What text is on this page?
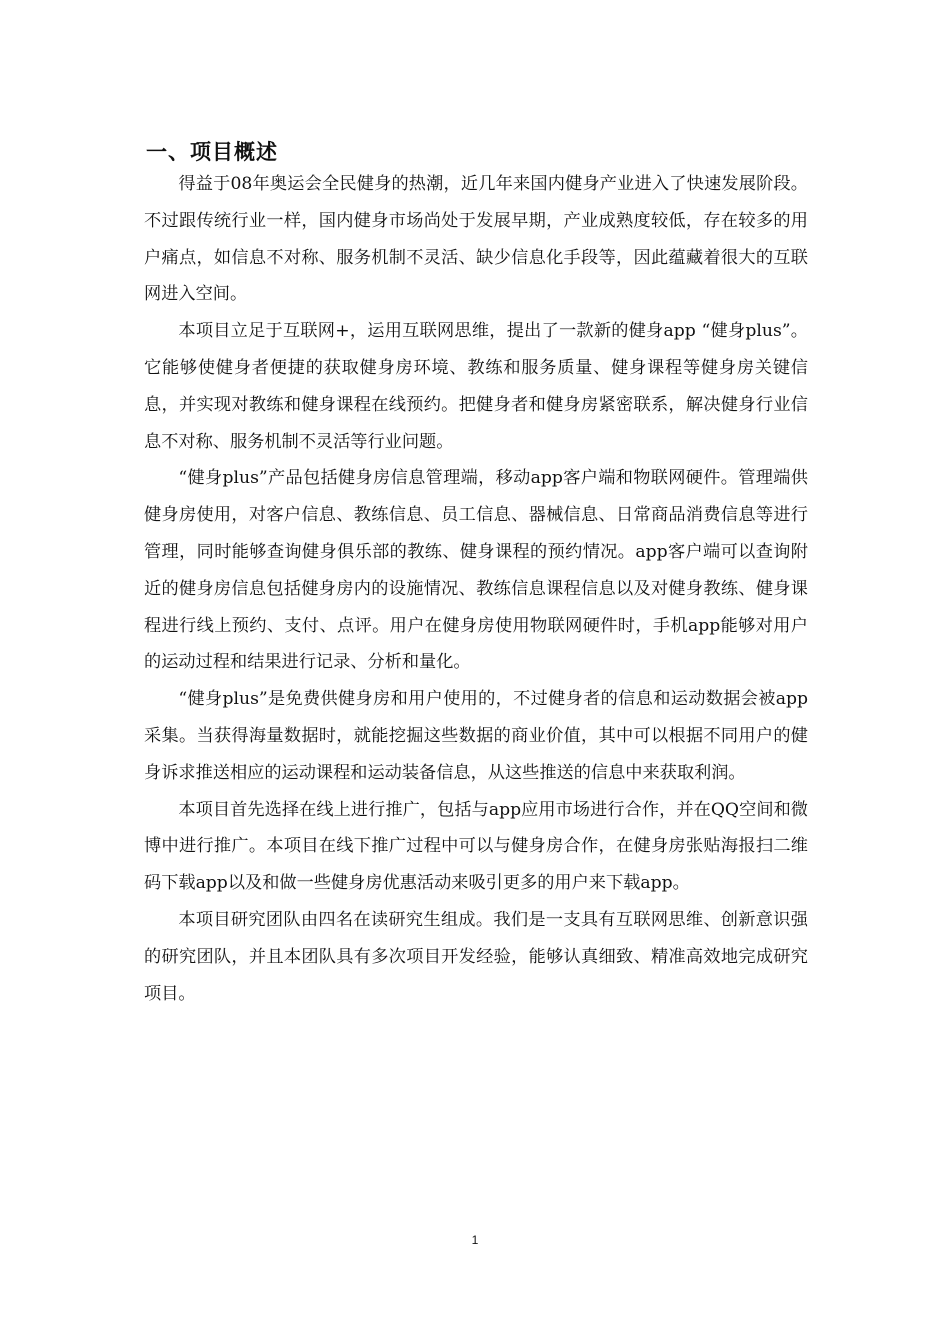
一、项目概述

得益于08年奥运会全民健身的热潮，近几年来国内健身产业进入了快速发展阶段。不过跟传统行业一样，国内健身市场尚处于发展早期，产业成熟度较低，存在较多的用户痛点，如信息不对称、服务机制不灵活、缺少信息化手段等，因此蕴藏着很大的互联网进入空间。

本项目立足于互联网+，运用互联网思维，提出了一款新的健身app “健身plus”。它能够使健身者便捷的获取健身房环境、教练和服务质量、健身课程等健身房关键信息，并实现对教练和健身课程在线预约。把健身者和健身房紧密联系，解决健身行业信息不对称、服务机制不灵活等行业问题。

“健身plus”产品包括健身房信息管理端，移动app客户端和物联网硬件。管理端供健身房使用，对客户信息、教练信息、员工信息、器械信息、日常商品消费信息等进行管理，同时能够查询健身俱乐部的教练、健身课程的预约情况。app客户端可以查询附近的健身房信息包括健身房内的设施情况、教练信息课程信息以及对健身教练、健身课程进行线上预约、支付、点评。用户在健身房使用物联网硬件时，手机app能够对用户的运动过程和结果进行记录、分析和量化。

“健身plus”是免费供健身房和用户使用的，不过健身者的信息和运动数据会被app采集。当获得海量数据时，就能挖掘这些数据的商业价值，其中可以根据不同用户的健身诉求推送相应的运动课程和运动装备信息，从这些推送的信息中来获取利润。

本项目首先选择在线上进行推广，包括与app应用市场进行合作，并在QQ空间和微博中进行推广。本项目在线下推广过程中可以与健身房合作，在健身房张贴海报扫二维码下载app以及和做一些健身房优惠活动来吸引更多的用户来下载app。

本项目研究团队由四名在读研究生组成。我们是一支具有互联网思维、创新意识强的研究团队，并且本团队具有多次项目开发经验，能够认真细致、精准高效地完成研究项目。

1
